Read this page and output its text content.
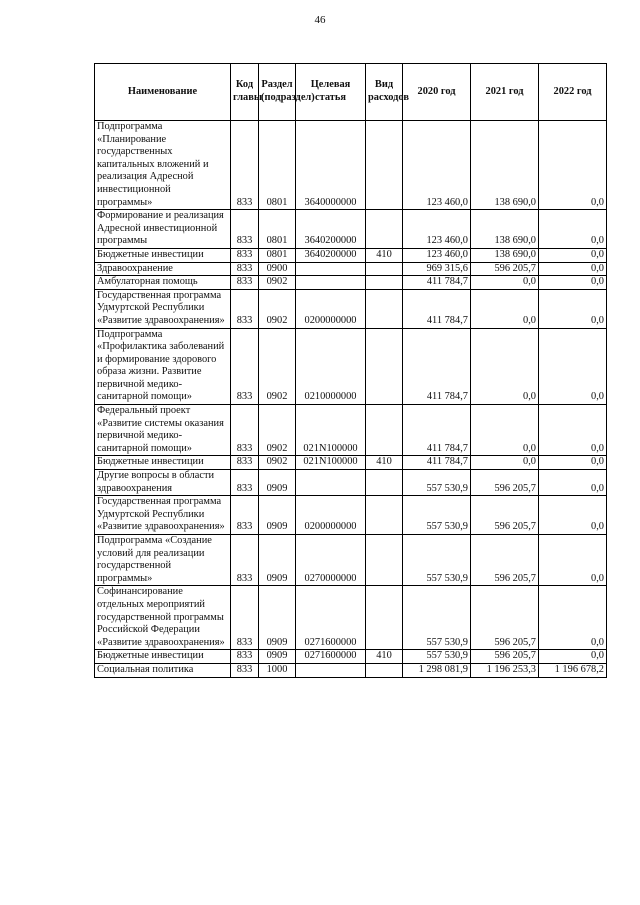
46
Наименование	Код главы	Раздел (подраздел)	Целевая статья	Вид расходов	2020 год	2021 год	2022 год
Подпрограмма «Планирование государственных капитальных вложений и реализация Адресной инвестиционной программы»	833	0801	3640000000		123 460,0	138 690,0	0,0
Формирование и реализация Адресной инвестиционной программы	833	0801	3640200000		123 460,0	138 690,0	0,0
Бюджетные инвестиции	833	0801	3640200000	410	123 460,0	138 690,0	0,0
Здравоохранение	833	0900			969 315,6	596 205,7	0,0
Амбулаторная помощь	833	0902			411 784,7	0,0	0,0
Государственная программа Удмуртской Республики «Развитие здравоохранения»	833	0902	0200000000		411 784,7	0,0	0,0
Подпрограмма «Профилактика заболеваний и формирование здорового образа жизни. Развитие первичной медико-санитарной помощи»	833	0902	0210000000		411 784,7	0,0	0,0
Федеральный проект «Развитие системы оказания первичной медико-санитарной помощи»	833	0902	021N100000		411 784,7	0,0	0,0
Бюджетные инвестиции	833	0902	021N100000	410	411 784,7	0,0	0,0
Другие вопросы в области здравоохранения	833	0909			557 530,9	596 205,7	0,0
Государственная программа Удмуртской Республики «Развитие здравоохранения»	833	0909	0200000000		557 530,9	596 205,7	0,0
Подпрограмма «Создание условий для реализации государственной программы»	833	0909	0270000000		557 530,9	596 205,7	0,0
Софинансирование отдельных мероприятий государственной программы Российской Федерации «Развитие здравоохранения»	833	0909	0271600000		557 530,9	596 205,7	0,0
Бюджетные инвестиции	833	0909	0271600000	410	557 530,9	596 205,7	0,0
Социальная политика	833	1000			1 298 081,9	1 196 253,3	1 196 678,2
